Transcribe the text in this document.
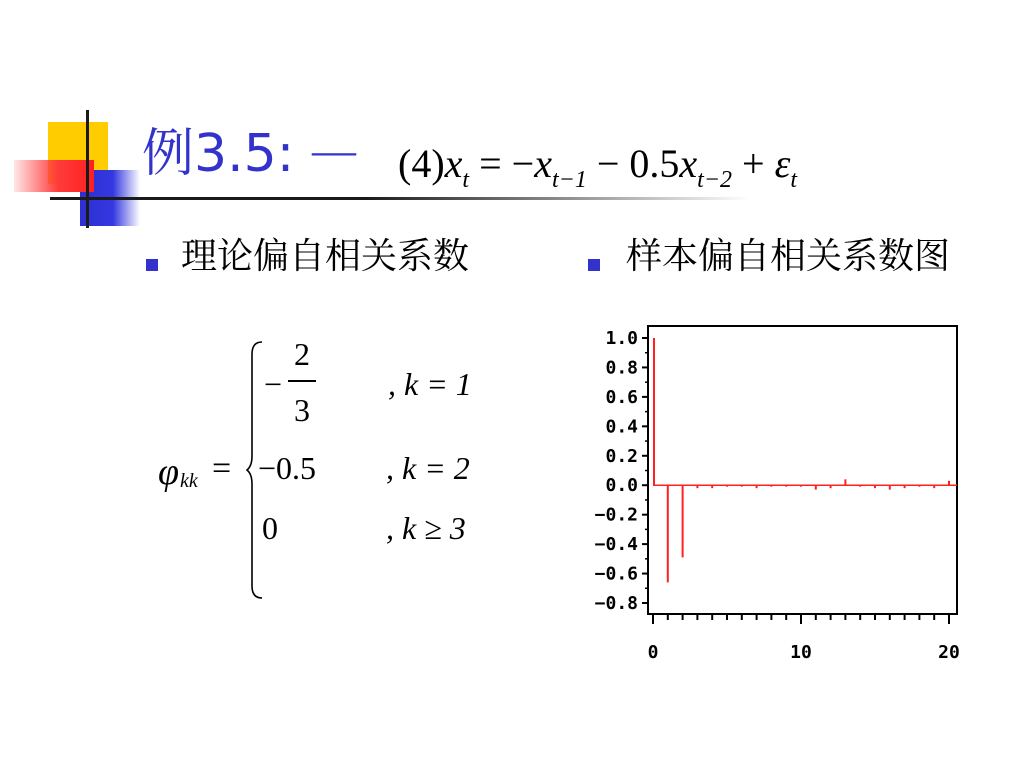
例3.5: — $(4)x_t = -x_{t-1} - 0.5x_{t-2} + \varepsilon_t$
理论偏自相关系数	样本偏自相关系数图
φ kk =
−
2
3
, k = 1
−0.5 , k = 2
0	, k ≥ 3
1.0
0.8
0.6
0.4
0.2
0.0
−0.2
−0.4
−0.6
−0.8
0	10	20
